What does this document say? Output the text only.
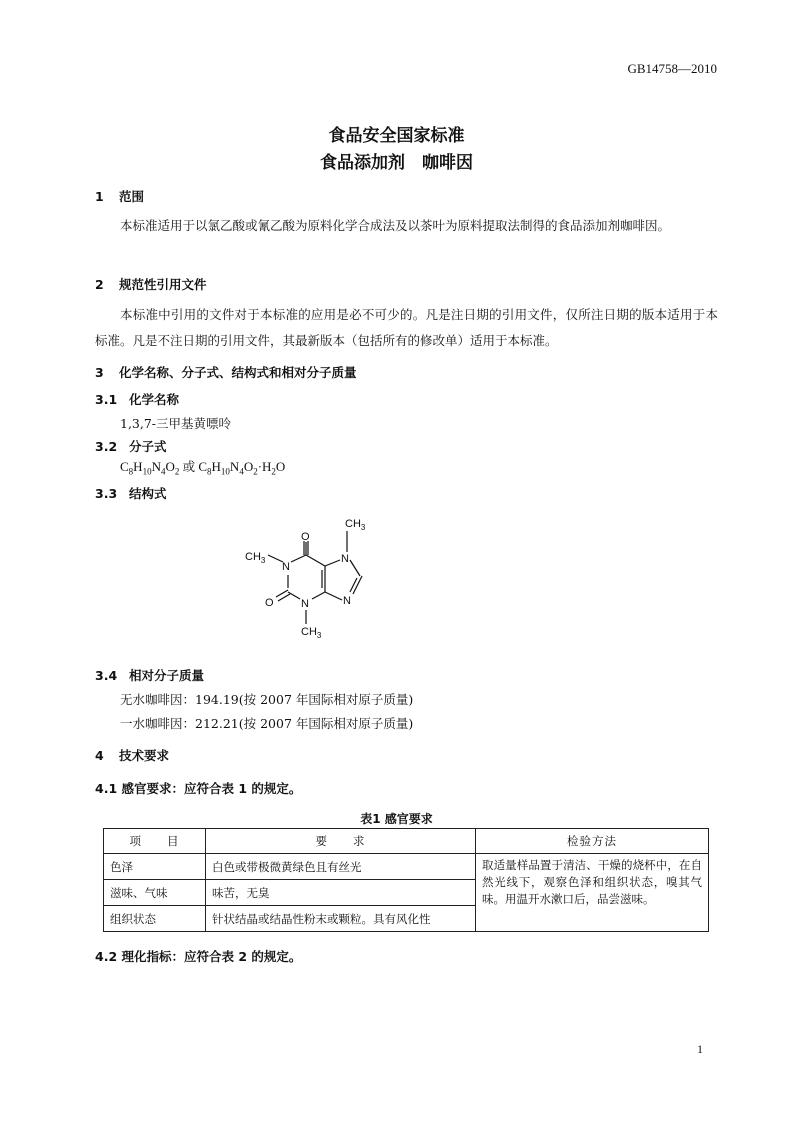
GB14758—2010
食品安全国家标准
食品添加剂　咖啡因
1 范围
本标准适用于以氯乙酸或氰乙酸为原料化学合成法及以茶叶为原料提取法制得的食品添加剂咖啡因。
2 规范性引用文件
本标准中引用的文件对于本标准的应用是必不可少的。凡是注日期的引用文件，仅所注日期的版本适用于本标准。凡是不注日期的引用文件，其最新版本（包括所有的修改单）适用于本标准。
3 化学名称、分子式、结构式和相对分子质量
3.1 化学名称
1,3,7-三甲基黄嘌呤
3.2 分子式
$C_8H_{10}N_4O_2$ 或 $C_8H_{10}N_4O_2\cdot H_2O$
3.3 结构式
O
O
N
N
N
N
$CH_3$
$CH_3$
$CH_3$
3.4 相对分子质量
无水咖啡因：194.19(按 2007 年国际相对原子质量)
一水咖啡因：212.21(按 2007 年国际相对原子质量)
4 技术要求
4.1 感官要求：应符合表 1 的规定。
表1 感官要求
项　　目	要　　求	检验方法
色泽	白色或带极微黄绿色且有丝光	取适量样品置于清洁、干燥的烧杯中，在自然光线下，观察色泽和组织状态，嗅其气味。用温开水漱口后，品尝滋味。
滋味、气味	味苦，无臭	
组织状态	针状结晶或结晶性粉末或颗粒。具有风化性	
4.2 理化指标：应符合表 2 的规定。
1
